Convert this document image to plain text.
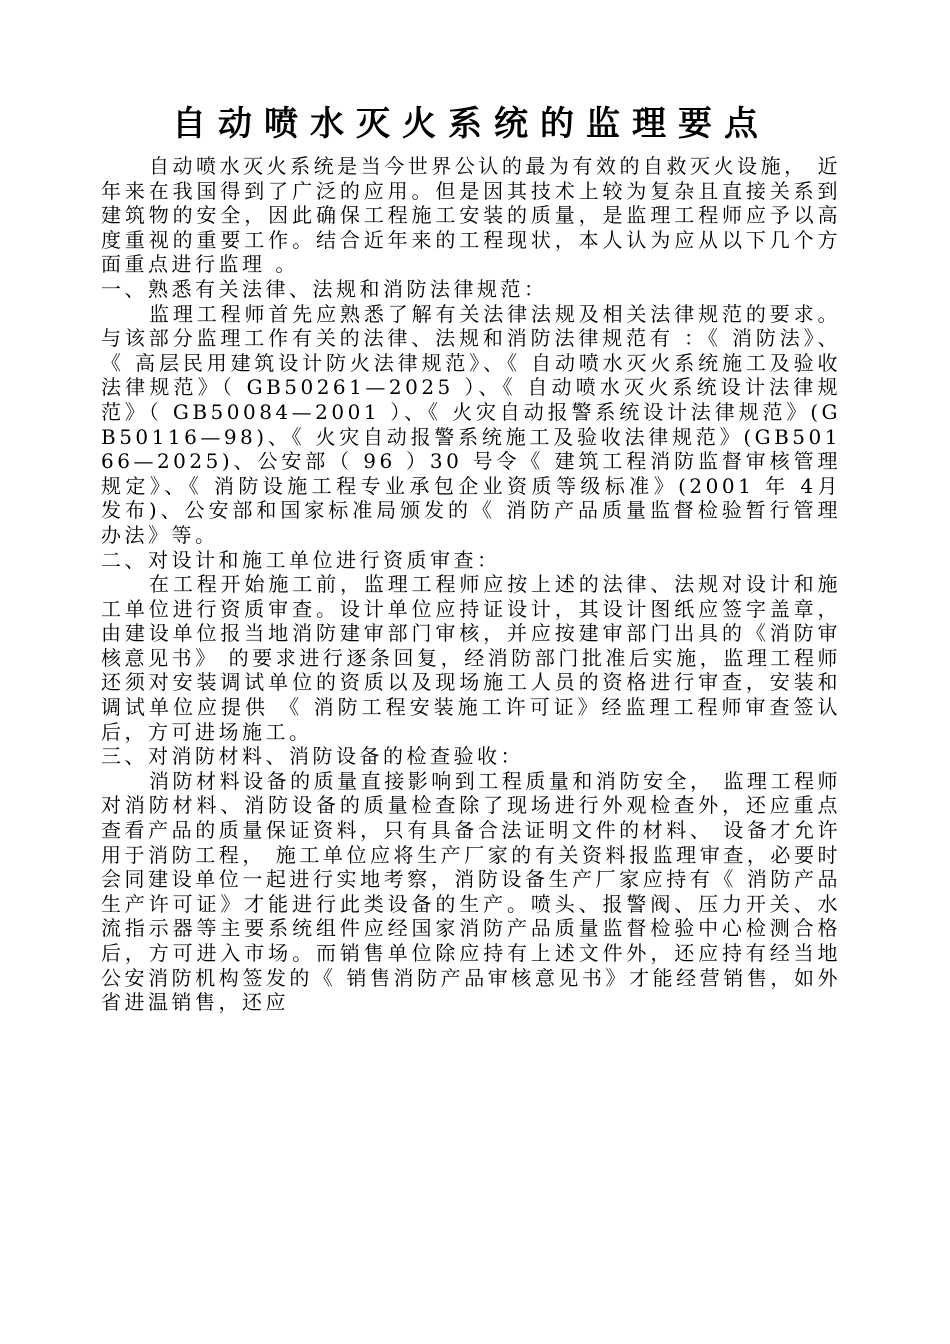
自动喷水灭火系统的监理要点

自动喷水灭火系统是当今世界公认的最为有效的自救灭火设施， 近年来在我国得到了广泛的应用。但是因其技术上较为复杂且直接关系到建筑物的安全，因此确保工程施工安装的质量，是监理工程师应予以高度重视的重要工作。结合近年来的工程现状，本人认为应从以下几个方面重点进行监理 。

一、熟悉有关法律、法规和消防法律规范：

监理工程师首先应熟悉了解有关法律法规及相关法律规范的要求。与该部分监理工作有关的法律、法规和消防法律规范有 ：《 消防法》、《 高层民用建筑设计防火法律规范》、《 自动喷水灭火系统施工及验收法律规范》（ GB50261—2025 ）、《 自动喷水灭火系统设计法律规范》（ GB50084—2001 ）、《 火灾自动报警系统设计法律规范》(GB50116—98)、《 火灾自动报警系统施工及验收法律规范》(GB50166—2025)、公安部（ 96 ）30 号令《 建筑工程消防监督审核管理规定》、《 消防设施工程专业承包企业资质等级标准》(2001 年 4月 发布)、公安部和国家标准局颁发的《 消防产品质量监督检验暂行管理办法》等。

二、对设计和施工单位进行资质审查：

在工程开始施工前，监理工程师应按上述的法律、法规对设计和施工单位进行资质审查。设计单位应持证设计，其设计图纸应签字盖章，由建设单位报当地消防建审部门审核，并应按建审部门出具的《消防审核意见书》 的要求进行逐条回复，经消防部门批准后实施，监理工程师还须对安装调试单位的资质以及现场施工人员的资格进行审查，安装和调试单位应提供 《 消防工程安装施工许可证》经监理工程师审查签认后，方可进场施工。

三、对消防材料、消防设备的检查验收：

消防材料设备的质量直接影响到工程质量和消防安全， 监理工程师对消防材料、消防设备的质量检查除了现场进行外观检查外，还应重点查看产品的质量保证资料，只有具备合法证明文件的材料、 设备才允许用于消防工程， 施工单位应将生产厂家的有关资料报监理审查，必要时会同建设单位一起进行实地考察，消防设备生产厂家应持有《 消防产品生产许可证》才能进行此类设备的生产。喷头、报警阀、压力开关、水流指示器等主要系统组件应经国家消防产品质量监督检验中心检测合格后，方可进入市场。而销售单位除应持有上述文件外，还应持有经当地公安消防机构签发的《 销售消防产品审核意见书》才能经营销售，如外省进温销售，还应
